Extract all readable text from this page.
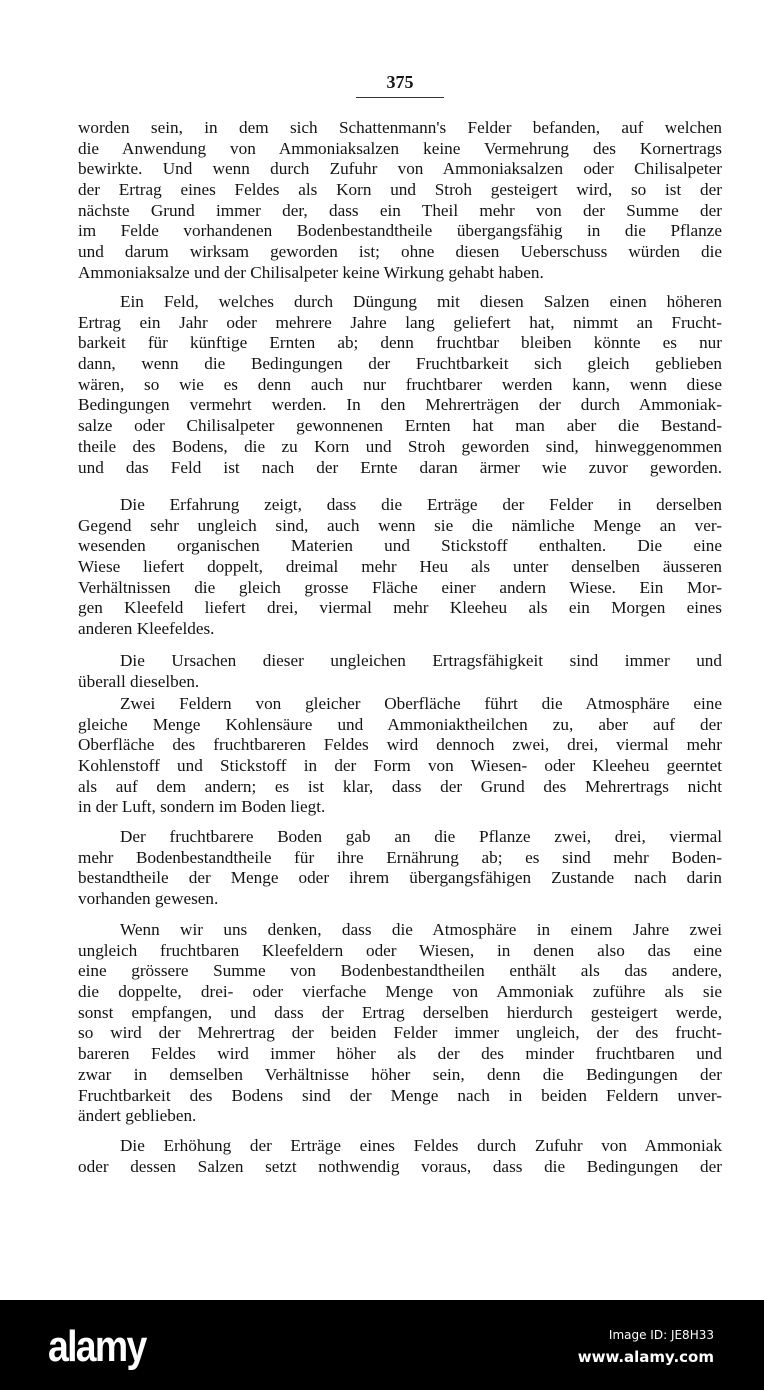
375
worden sein, in dem sich Schattenmann's Felder befanden, auf welchen
die Anwendung von Ammoniaksalzen keine Vermehrung des Kornertrags
bewirkte. Und wenn durch Zufuhr von Ammoniaksalzen oder Chilisalpeter
der Ertrag eines Feldes als Korn und Stroh gesteigert wird, so ist der
nächste Grund immer der, dass ein Theil mehr von der Summe der
im Felde vorhandenen Bodenbestandtheile übergangsfähig in die Pflanze
und darum wirksam geworden ist; ohne diesen Ueberschuss würden die
Ammoniaksalze und der Chilisalpeter keine Wirkung gehabt haben.
Ein Feld, welches durch Düngung mit diesen Salzen einen höheren
Ertrag ein Jahr oder mehrere Jahre lang geliefert hat, nimmt an Frucht-
barkeit für künftige Ernten ab; denn fruchtbar bleiben könnte es nur
dann, wenn die Bedingungen der Fruchtbarkeit sich gleich geblieben
wären, so wie es denn auch nur fruchtbarer werden kann, wenn diese
Bedingungen vermehrt werden. In den Mehrerträgen der durch Ammoniak-
salze oder Chilisalpeter gewonnenen Ernten hat man aber die Bestand-
theile des Bodens, die zu Korn und Stroh geworden sind, hinweggenommen
und das Feld ist nach der Ernte daran ärmer wie zuvor geworden.
Die Erfahrung zeigt, dass die Erträge der Felder in derselben
Gegend sehr ungleich sind, auch wenn sie die nämliche Menge an ver-
wesenden organischen Materien und Stickstoff enthalten. Die eine
Wiese liefert doppelt, dreimal mehr Heu als unter denselben äusseren
Verhältnissen die gleich grosse Fläche einer andern Wiese. Ein Mor-
gen Kleefeld liefert drei, viermal mehr Kleeheu als ein Morgen eines
anderen Kleefeldes.
Die Ursachen dieser ungleichen Ertragsfähigkeit sind immer und
überall dieselben.
Zwei Feldern von gleicher Oberfläche führt die Atmosphäre eine
gleiche Menge Kohlensäure und Ammoniaktheilchen zu, aber auf der
Oberfläche des fruchtbareren Feldes wird dennoch zwei, drei, viermal mehr
Kohlenstoff und Stickstoff in der Form von Wiesen- oder Kleeheu geerntet
als auf dem andern; es ist klar, dass der Grund des Mehrertrags nicht
in der Luft, sondern im Boden liegt.
Der fruchtbarere Boden gab an die Pflanze zwei, drei, viermal
mehr Bodenbestandtheile für ihre Ernährung ab; es sind mehr Boden-
bestandtheile der Menge oder ihrem übergangsfähigen Zustande nach darin
vorhanden gewesen.
Wenn wir uns denken, dass die Atmosphäre in einem Jahre zwei
ungleich fruchtbaren Kleefeldern oder Wiesen, in denen also das eine
eine grössere Summe von Bodenbestandtheilen enthält als das andere,
die doppelte, drei- oder vierfache Menge von Ammoniak zuführe als sie
sonst empfangen, und dass der Ertrag derselben hierdurch gesteigert werde,
so wird der Mehrertrag der beiden Felder immer ungleich, der des frucht-
bareren Feldes wird immer höher als der des minder fruchtbaren und
zwar in demselben Verhältnisse höher sein, denn die Bedingungen der
Fruchtbarkeit des Bodens sind der Menge nach in beiden Feldern unver-
ändert geblieben.
Die Erhöhung der Erträge eines Feldes durch Zufuhr von Ammoniak
oder dessen Salzen setzt nothwendig voraus, dass die Bedingungen der
alamy	Image ID: JE8H33
www.alamy.com
